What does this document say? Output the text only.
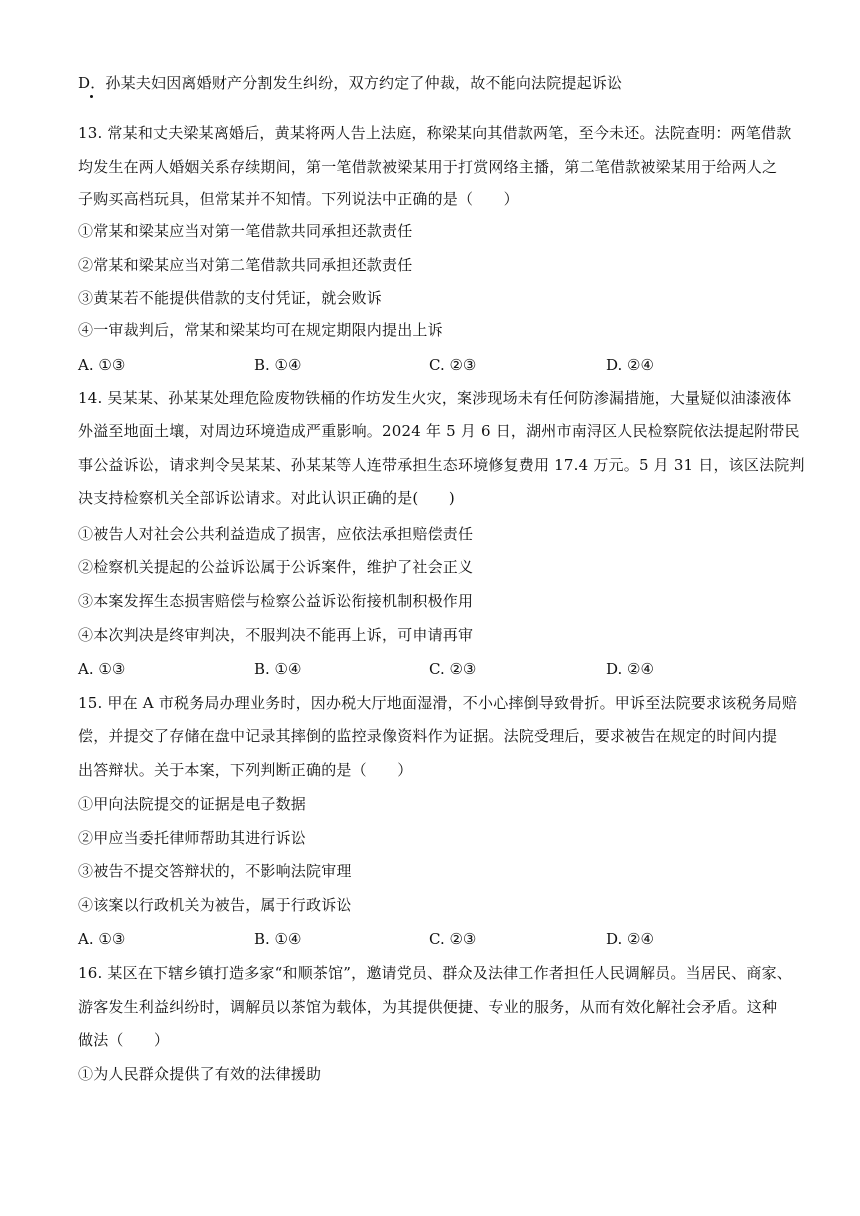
D．孙某夫妇因离婚财产分割发生纠纷，双方约定了仲裁，故不能向法院提起诉讼
13. 常某和丈夫梁某离婚后，黄某将两人告上法庭，称梁某向其借款两笔，至今未还。法院查明：两笔借款
均发生在两人婚姻关系存续期间，第一笔借款被梁某用于打赏网络主播，第二笔借款被梁某用于给两人之
子购买高档玩具，但常某并不知情。下列说法中正确的是（　　）
①常某和梁某应当对第一笔借款共同承担还款责任
②常某和梁某应当对第二笔借款共同承担还款责任
③黄某若不能提供借款的支付凭证，就会败诉
④一审裁判后，常某和梁某均可在规定期限内提出上诉
A. ①③	B. ①④	C. ②③	D. ②④
14. 吴某某、孙某某处理危险废物铁桶的作坊发生火灾，案涉现场未有任何防渗漏措施，大量疑似油漆液体
外溢至地面土壤，对周边环境造成严重影响。2024 年 5 月 6 日，湖州市南浔区人民检察院依法提起附带民
事公益诉讼，请求判令吴某某、孙某某等人连带承担生态环境修复费用 17.4 万元。5 月 31 日，该区法院判
决支持检察机关全部诉讼请求。对此认识正确的是(　　)
①被告人对社会公共利益造成了损害，应依法承担赔偿责任
②检察机关提起的公益诉讼属于公诉案件，维护了社会正义
③本案发挥生态损害赔偿与检察公益诉讼衔接机制积极作用
④本次判决是终审判决，不服判决不能再上诉，可申请再审
A. ①③	B. ①④	C. ②③	D. ②④
15. 甲在 A 市税务局办理业务时，因办税大厅地面湿滑，不小心摔倒导致骨折。甲诉至法院要求该税务局赔
偿，并提交了存储在盘中记录其摔倒的监控录像资料作为证据。法院受理后，要求被告在规定的时间内提
出答辩状。关于本案，下列判断正确的是（　　）
①甲向法院提交的证据是电子数据
②甲应当委托律师帮助其进行诉讼
③被告不提交答辩状的，不影响法院审理
④该案以行政机关为被告，属于行政诉讼
A. ①③	B. ①④	C. ②③	D. ②④
16. 某区在下辖乡镇打造多家“和顺茶馆”，邀请党员、群众及法律工作者担任人民调解员。当居民、商家、
游客发生利益纠纷时，调解员以茶馆为载体，为其提供便捷、专业的服务，从而有效化解社会矛盾。这种
做法（　　）
①为人民群众提供了有效的法律援助
